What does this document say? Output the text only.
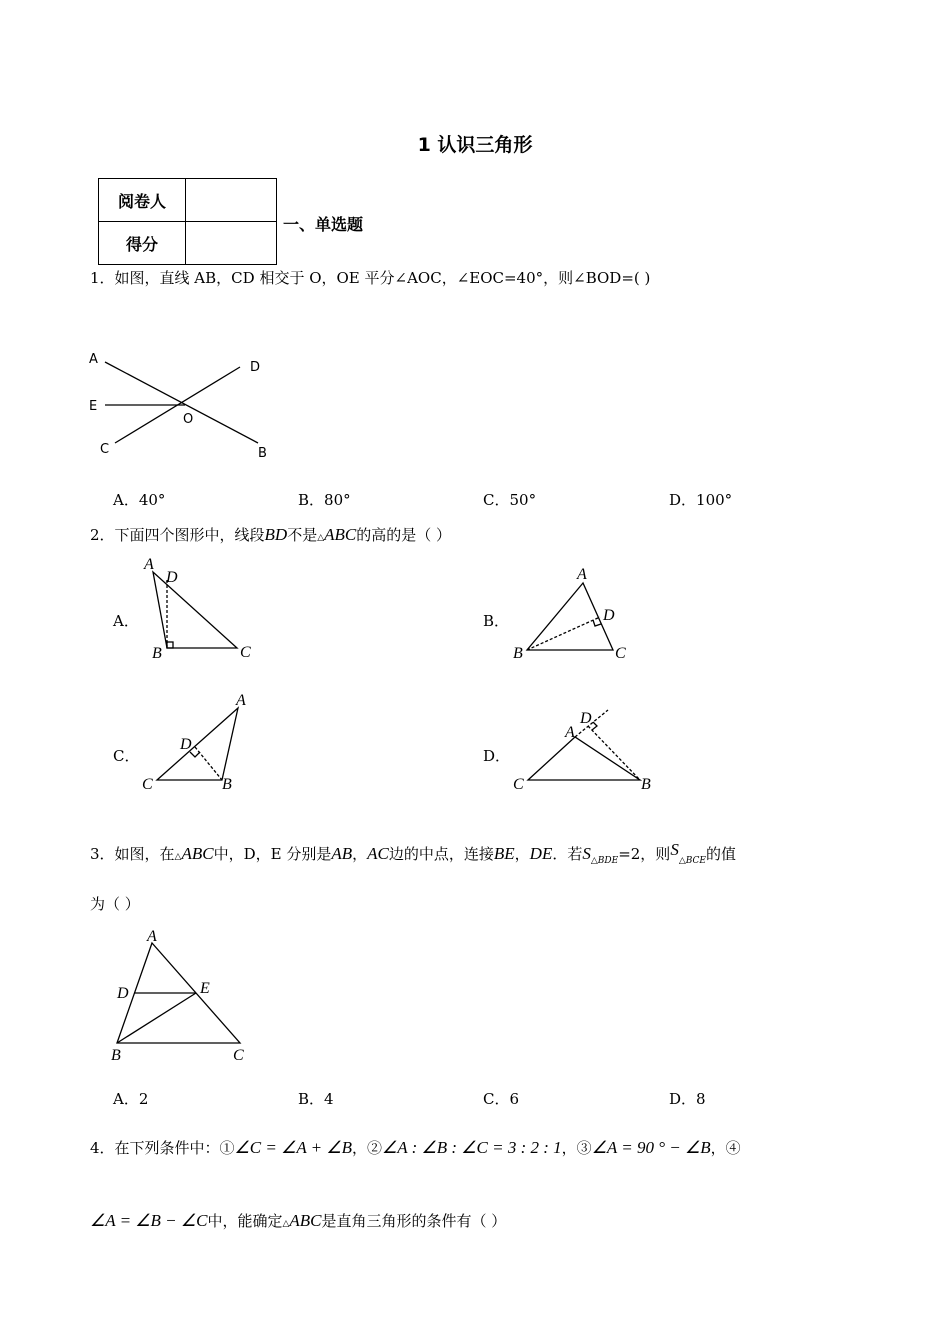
1 认识三角形
阅卷人	
得分	
一、单选题
1．如图，直线 AB，CD 相交于 O，OE 平分∠AOC，∠EOC=40°，则∠BOD=( )
A．40°	B．80°	C．50°	D．100°
2．下面四个图形中，线段BD不是△ABC的高的是（ ）
A．	B．
C．	D．
3．如图，在△ABC中，D，E 分别是AB，AC边的中点，连接BE，DE．若$S_{\triangle BDE}=2$，则$S_{\triangle BCE}$的值
为（ ）
A．2	B．4	C．6	D．8
4．在下列条件中：①∠C = ∠A + ∠B，②∠A : ∠B : ∠C = 3 : 2 : 1，③∠A = 90 ° − ∠B，④
∠A = ∠B − ∠C中，能确定△ABC是直角三角形的条件有（ ）
A
D
E
O
C	B
A
D
B	C
A
D
B	C
A
D
C	B
A
D
C	B
A
D	E
B	C
